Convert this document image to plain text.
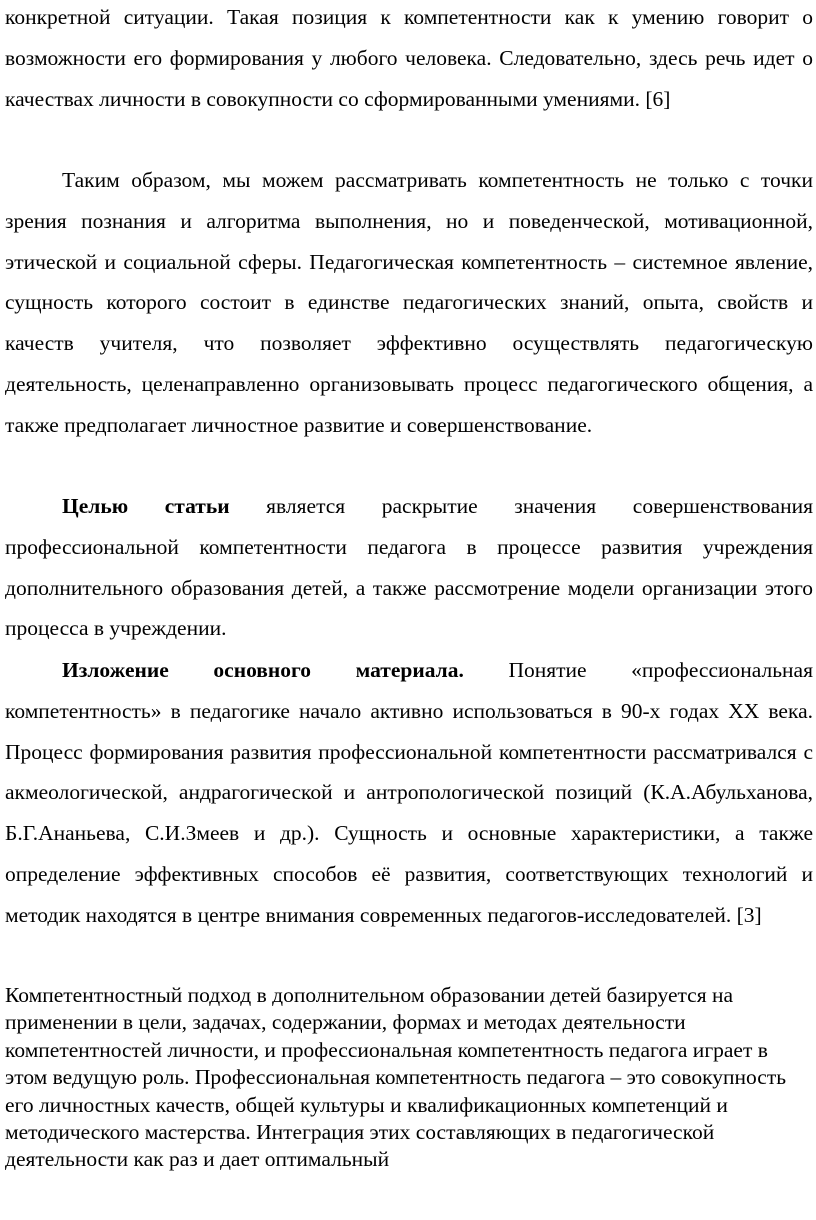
конкретной ситуации. Такая позиция к компетентности как к умению говорит о возможности его формирования у любого человека. Следовательно, здесь речь идет о качествах личности в совокупности со сформированными умениями. [6]

Таким образом, мы можем рассматривать компетентность не только с точки зрения познания и алгоритма выполнения, но и поведенческой, мотивационной, этической и социальной сферы. Педагогическая компетентность – системное явление, сущность которого состоит в единстве педагогических знаний, опыта, свойств и качеств учителя, что позволяет эффективно осуществлять педагогическую деятельность, целенаправленно организовывать процесс педагогического общения, а также предполагает личностное развитие и совершенствование.

Целью статьи является раскрытие значения совершенствования профессиональной компетентности педагога в процессе развития учреждения дополнительного образования детей, а также рассмотрение модели организации этого процесса в учреждении.

Изложение основного материала. Понятие «профессиональная компетентность» в педагогике начало активно использоваться в 90-х годах XX века. Процесс формирования развития профессиональной компетентности рассматривался с акмеологической, андрагогической и антропологической позиций (К.А.Абульханова, Б.Г.Ананьева, С.И.Змеев и др.). Сущность и основные характеристики, а также определение эффективных способов её развития, соответствующих технологий и методик находятся в центре внимания современных педагогов-исследователей. [3]

Компетентностный подход в дополнительном образовании детей базируется на применении в цели, задачах, содержании, формах и методах деятельности компетентностей личности, и профессиональная компетентность педагога играет в этом ведущую роль. Профессиональная компетентность педагога – это совокупность его личностных качеств, общей культуры и квалификационных компетенций и методического мастерства. Интеграция этих составляющих в педагогической деятельности как раз и дает оптимальный
